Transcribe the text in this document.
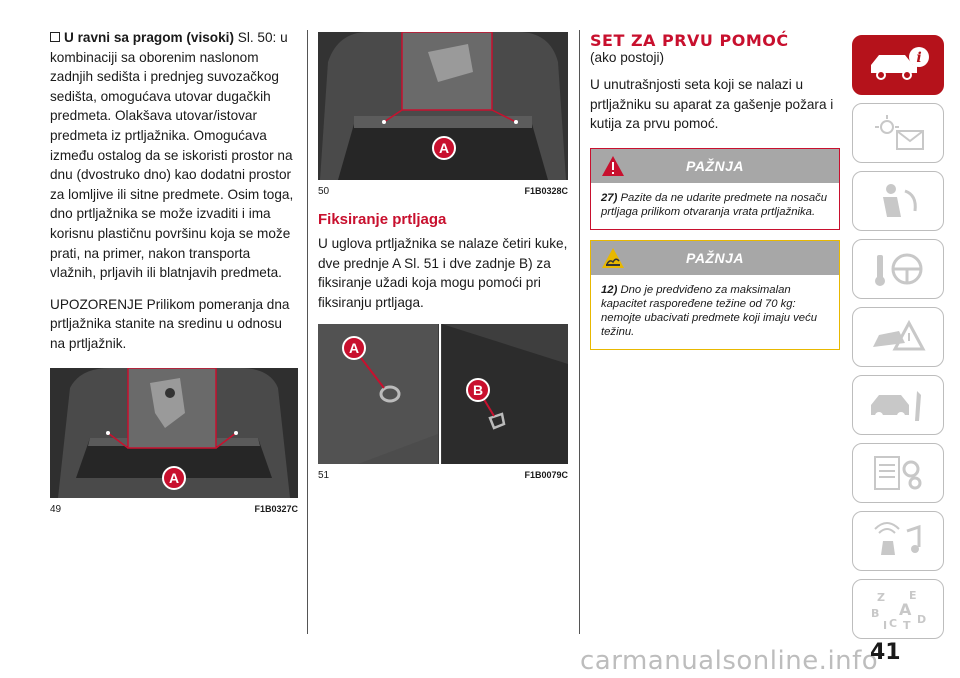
U ravni sa pragom (visoki) Sl. 50: u kombinaciji sa oborenim naslonom zadnjih sedišta i prednjeg suvozačkog sedišta, omogućava utovar dugačkih predmeta. Olakšava utovar/istovar predmeta iz prtljažnika. Omogućava između ostalog da se iskoristi prostor na dnu (dvostruko dno) kao dodatni prostor za lomljive ili sitne predmete. Osim toga, dno prtljažnika se može izvaditi i ima korisnu plastičnu površinu koja se može prati, na primer, nakon transporta vlažnih, prljavih ili blatnjavih predmeta.

UPOZORENJE Prilikom pomeranja dna prtljažnika stanite na sredinu u odnosu na prtljažnik.

A
49	F1B0327C
A
50	F1B0328C
Fiksiranje prtljaga

U uglova prtljažnika se nalaze četiri kuke, dve prednje A Sl. 51 i dve zadnje B) za fiksiranje užadi koja mogu pomoći pri fiksiranju prtljaga.

A
B
51	F1B0079C
SET ZA PRVU POMOĆ
(ako postoji)

U unutrašnjosti seta koji se nalazi u prtljažniku su aparat za gašenje požara i kutija za prvu pomoć.

PAŽNJA
27) Pazite da ne udarite predmete na nosaču prtljaga prilikom otvaranja vrata prtljažnika.
PAŽNJA
12) Dno je predviđeno za maksimalan kapacitet raspoređene težine od 70 kg: nemojte ubacivati predmete koji imaju veću težinu.
i
Z E
B A
I C T D
carmanualsonline.info
41
